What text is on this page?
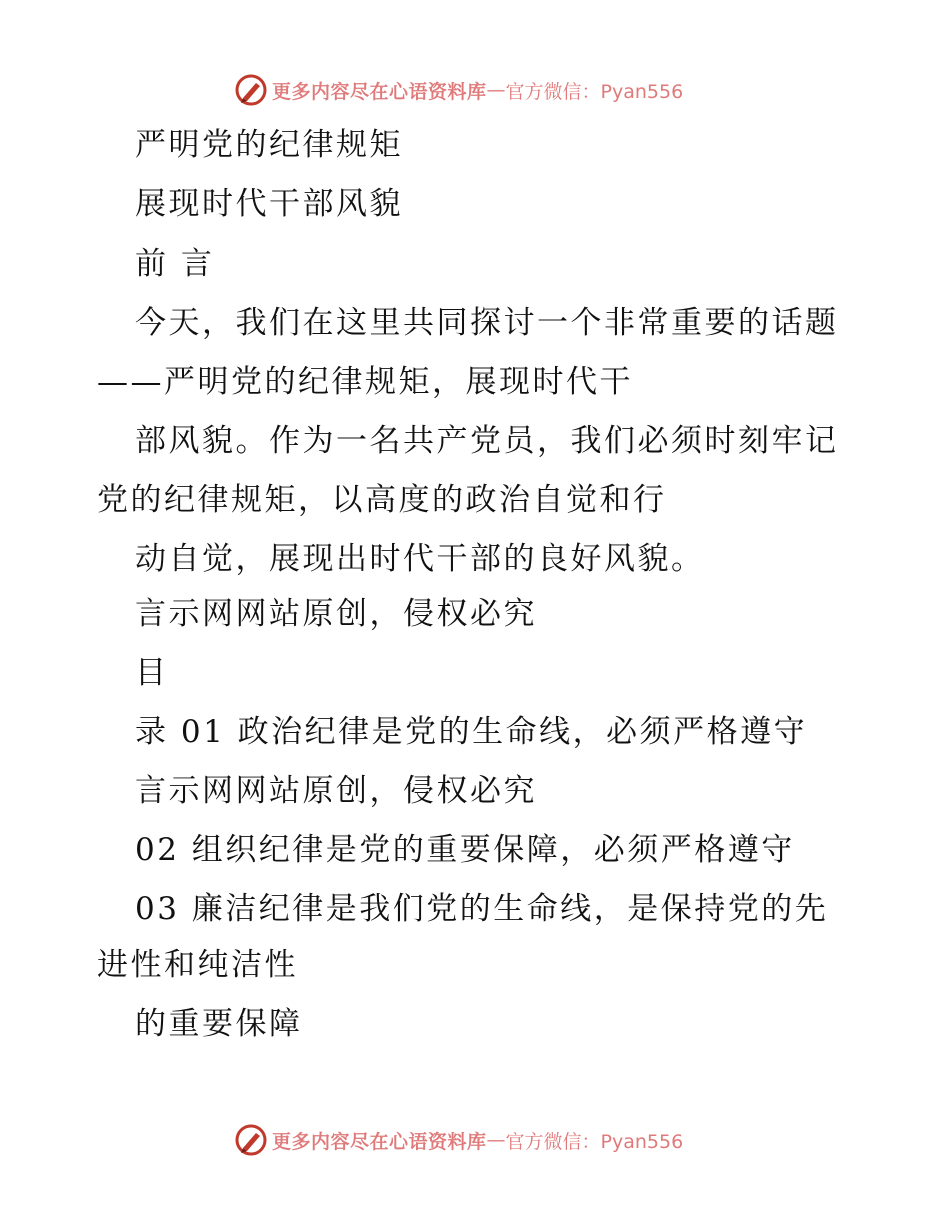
更多内容尽在心语资料库 — 官方微信：Pyan556
严明党的纪律规矩
展现时代干部风貌
前 言
今天，我们在这里共同探讨一个非常重要的话题
——严明党的纪律规矩，展现时代干
部风貌。作为一名共产党员，我们必须时刻牢记
党的纪律规矩，以高度的政治自觉和行
动自觉，展现出时代干部的良好风貌。
言示网网站原创，侵权必究
目
录 01 政治纪律是党的生命线，必须严格遵守
言示网网站原创，侵权必究
02 组织纪律是党的重要保障，必须严格遵守
03 廉洁纪律是我们党的生命线，是保持党的先
进性和纯洁性
的重要保障
更多内容尽在心语资料库 — 官方微信：Pyan556
